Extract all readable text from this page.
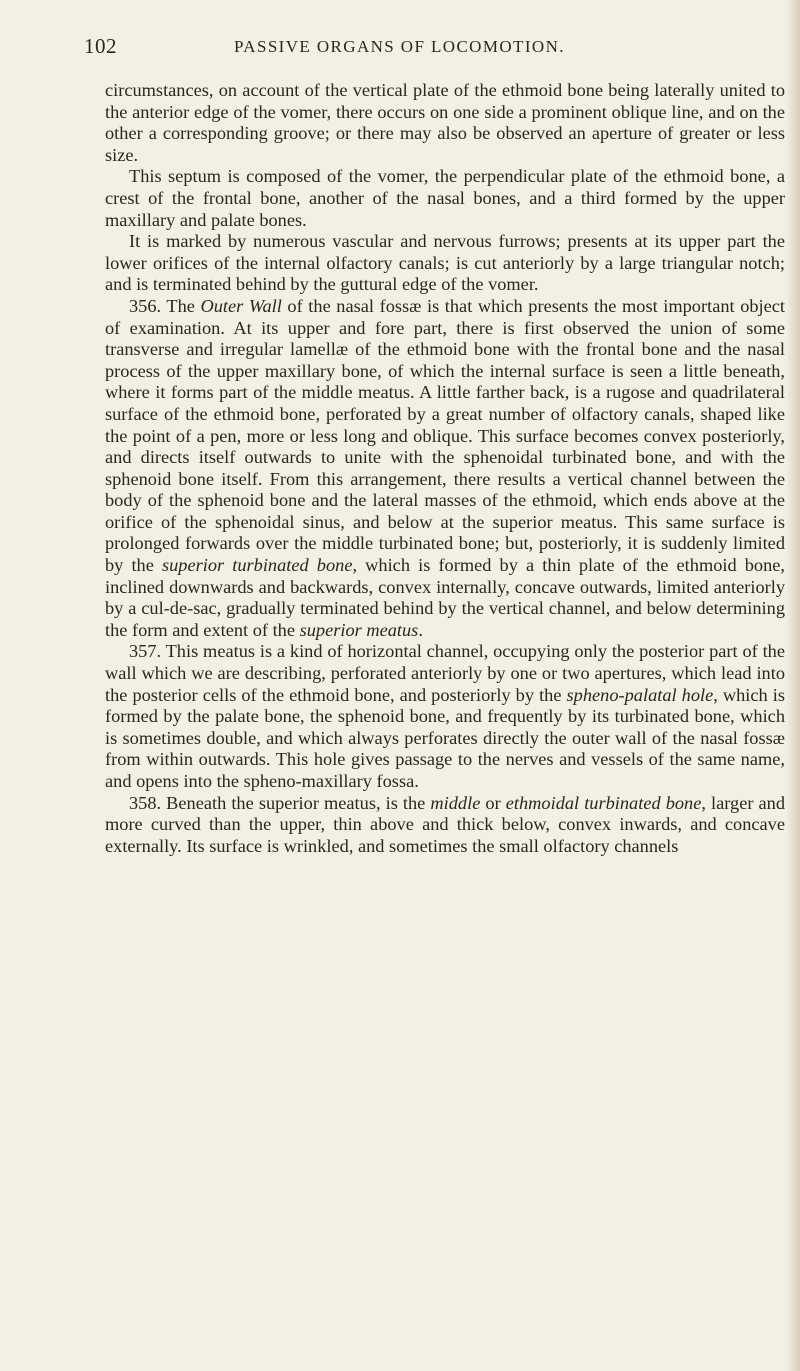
102	PASSIVE ORGANS OF LOCOMOTION.

circumstances, on account of the vertical plate of the ethmoid bone being laterally united to the anterior edge of the vomer, there occurs on one side a prominent oblique line, and on the other a corresponding groove; or there may also be observed an aperture of greater or less size.

This septum is composed of the vomer, the perpendicular plate of the ethmoid bone, a crest of the frontal bone, another of the nasal bones, and a third formed by the upper maxillary and palate bones.

It is marked by numerous vascular and nervous furrows; presents at its upper part the lower orifices of the internal olfactory canals; is cut anteriorly by a large triangular notch; and is terminated behind by the guttural edge of the vomer.

356. The Outer Wall of the nasal fossæ is that which presents the most important object of examination. At its upper and fore part, there is first observed the union of some transverse and irregular lamellæ of the ethmoid bone with the frontal bone and the nasal process of the upper maxillary bone, of which the internal surface is seen a little beneath, where it forms part of the middle meatus. A little farther back, is a rugose and quadrilateral surface of the ethmoid bone, perforated by a great number of olfactory canals, shaped like the point of a pen, more or less long and oblique. This surface becomes convex posteriorly, and directs itself outwards to unite with the sphenoidal turbinated bone, and with the sphenoid bone itself. From this arrangement, there results a vertical channel between the body of the sphenoid bone and the lateral masses of the ethmoid, which ends above at the orifice of the sphenoidal sinus, and below at the superior meatus. This same surface is prolonged forwards over the middle turbinated bone; but, posteriorly, it is suddenly limited by the superior turbinated bone, which is formed by a thin plate of the ethmoid bone, inclined downwards and backwards, convex internally, concave outwards, limited anteriorly by a cul-de-sac, gradually terminated behind by the vertical channel, and below determining the form and extent of the superior meatus.

357. This meatus is a kind of horizontal channel, occupying only the posterior part of the wall which we are describing, perforated anteriorly by one or two apertures, which lead into the posterior cells of the ethmoid bone, and posteriorly by the spheno-palatal hole, which is formed by the palate bone, the sphenoid bone, and frequently by its turbinated bone, which is sometimes double, and which always perforates directly the outer wall of the nasal fossæ from within outwards. This hole gives passage to the nerves and vessels of the same name, and opens into the spheno-maxillary fossa.

358. Beneath the superior meatus, is the middle or ethmoidal turbinated bone, larger and more curved than the upper, thin above and thick below, convex inwards, and concave externally. Its surface is wrinkled, and sometimes the small olfactory channels
